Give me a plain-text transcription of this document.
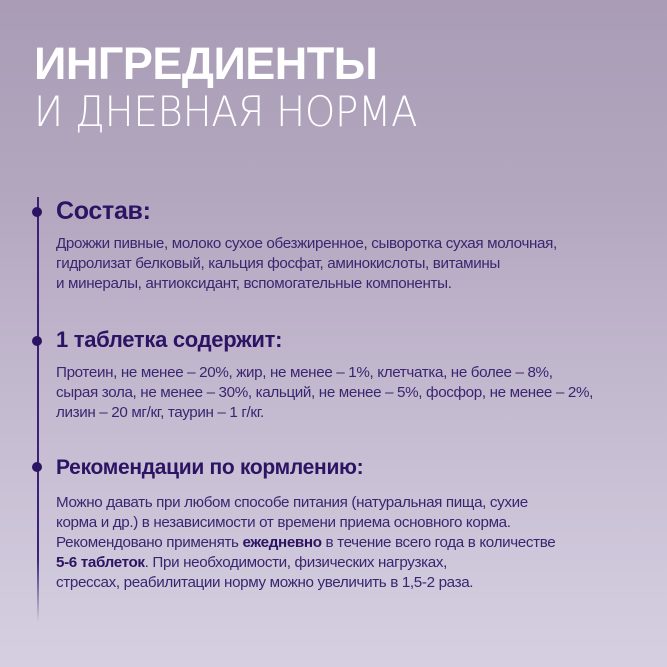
ИНГРЕДИЕНТЫ
И ДНЕВНАЯ НОРМА
Состав:
Дрожжи пивные, молоко сухое обезжиренное, сыворотка сухая молочная,
гидролизат белковый, кальция фосфат, аминокислоты, витамины
и минералы, антиоксидант, вспомогательные компоненты.
1 таблетка содержит:
Протеин, не менее – 20%, жир, не менее – 1%, клетчатка, не более – 8%,
сырая зола, не менее – 30%, кальций, не менее – 5%, фосфор, не менее – 2%,
лизин – 20 мг/кг, таурин – 1 г/кг.
Рекомендации по кормлению:
Можно давать при любом способе питания (натуральная пища, сухие
корма и др.) в независимости от времени приема основного корма.
Рекомендовано применять ежедневно в течение всего года в количестве
5-6 таблеток. При необходимости, физических нагрузках,
стрессах, реабилитации норму можно увеличить в 1,5-2 раза.
